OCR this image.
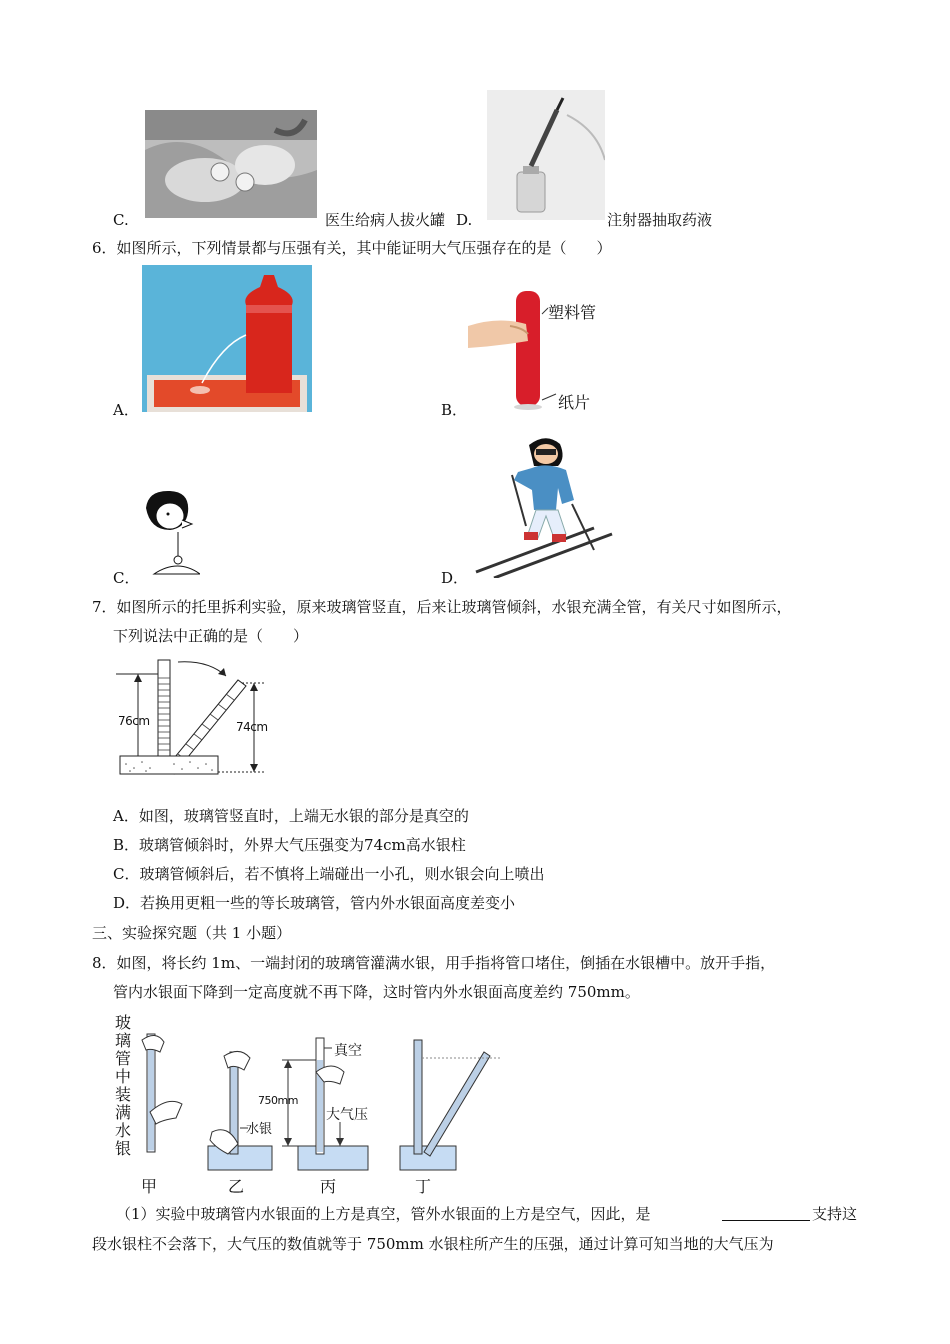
C.	医生给病人拔火罐 D.	注射器抽取药液
6．如图所示，下列情景都与压强有关，其中能证明大气压强存在的是（　　）
A．
塑料管
纸片
B．
C．	D．
7．如图所示的托里拆利实验，原来玻璃管竖直，后来让玻璃管倾斜，水银充满全管，有关尺寸如图所示，
下列说法中正确的是（　　）
76cm	74cm
A．如图，玻璃管竖直时，上端无水银的部分是真空的
B．玻璃管倾斜时，外界大气压强变为74cm高水银柱
C．玻璃管倾斜后，若不慎将上端碰出一小孔，则水银会向上喷出
D．若换用更粗一些的等长玻璃管，管内外水银面高度差变小
三、实验探究题（共 1 小题）
8．如图，将长约 1m、一端封闭的玻璃管灌满水银，用手指将管口堵住，倒插在水银槽中。放开手指，
管内水银面下降到一定高度就不再下降，这时管内外水银面高度差约 750mm。
玻
璃
管
中
装
满
水
银
水银
真空
750mm
大气压
甲	乙	丙	丁
（1）实验中玻璃管内水银面的上方是真空，管外水银面的上方是空气，因此，是	支持这
段水银柱不会落下，大气压的数值就等于 750mm 水银柱所产生的压强，通过计算可知当地的大气压为
